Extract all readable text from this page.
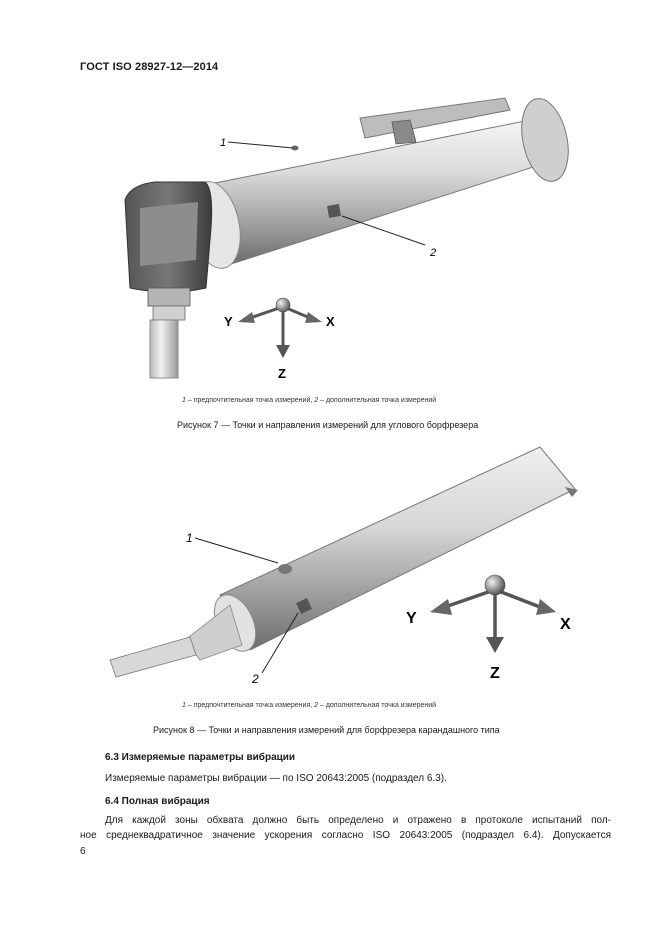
ГОСТ ISO 28927-12—2014
1
2
Y	X
Z
1 – предпочтительная точка измерений, 2 – дополнительная точка измерений
Рисунок 7 — Точки и направления измерений для углового борфрезера
1
2
Y	X
Z
1 – предпочтительная точка измерения, 2 – дополнительная точка измерений
Рисунок 8 — Точки и направления измерений для борфрезера карандашного типа
6.3 Измеряемые параметры вибрации
Измеряемые параметры вибрации — по ISO 20643:2005 (подраздел 6.3).
6.4 Полная вибрация
Для каждой зоны обхвата должно быть определено и отражено в протоколе испытаний пол-
ное среднеквадратичное значение ускорения согласно ISO 20643:2005 (подраздел 6.4). Допускается
6
